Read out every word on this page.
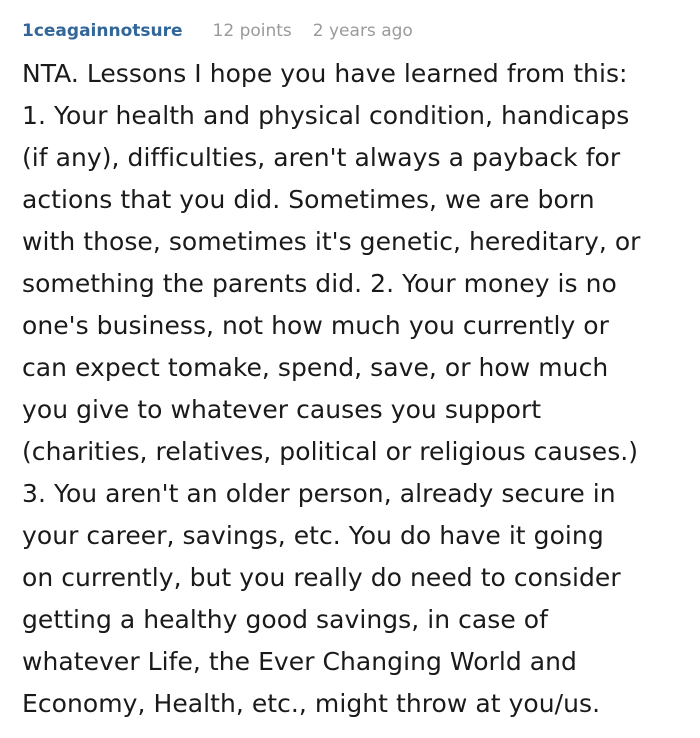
1ceagainnotsure 12 points 2 years ago
NTA. Lessons I hope you have learned from this:
1. Your health and physical condition, handicaps
(if any), difficulties, aren't always a payback for
actions that you did. Sometimes, we are born
with those, sometimes it's genetic, hereditary, or
something the parents did. 2. Your money is no
one's business, not how much you currently or
can expect tomake, spend, save, or how much
you give to whatever causes you support
(charities, relatives, political or religious causes.)
3. You aren't an older person, already secure in
your career, savings, etc. You do have it going
on currently, but you really do need to consider
getting a healthy good savings, in case of
whatever Life, the Ever Changing World and
Economy, Health, etc., might throw at you/us.
